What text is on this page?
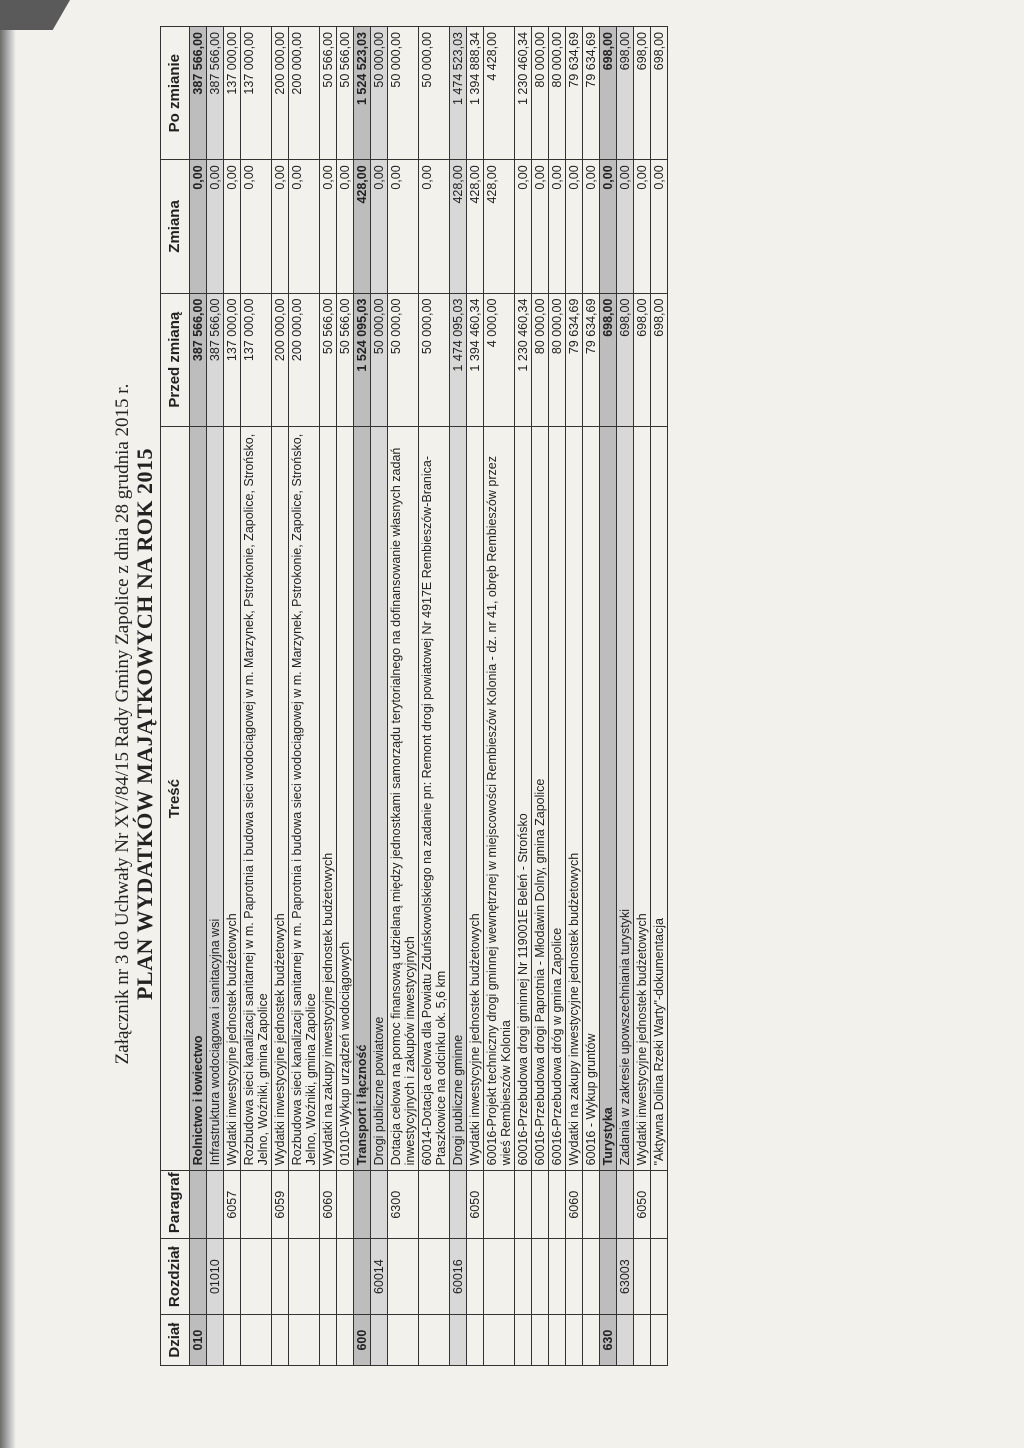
Załącznik nr 3 do Uchwały Nr XV/84/15 Rady Gminy Zapolice z dnia 28 grudnia 2015 r. PLAN WYDATKÓW MAJĄTKOWYCH NA ROK 2015

Dział	Rozdział	Paragraf	Treść	Przed zmianą	Zmiana	Po zmianie
010			Rolnictwo i łowiectwo	387 566,00	0,00	387 566,00
	01010		Infrastruktura wodociągowa i sanitacyjna wsi	387 566,00	0,00	387 566,00
		6057	Wydatki inwestycyjne jednostek budżetowych	137 000,00	0,00	137 000,00
			Rozbudowa sieci kanalizacji sanitarnej w m. Paprotnia i budowa sieci wodociągowej w m. Marzynek, Pstrokonie, Zapolice, Strońsko, Jelno, Woźniki, gmina Zapolice	137 000,00	0,00	137 000,00
		6059	Wydatki inwestycyjne jednostek budżetowych	200 000,00	0,00	200 000,00
			Rozbudowa sieci kanalizacji sanitarnej w m. Paprotnia i budowa sieci wodociągowej w m. Marzynek, Pstrokonie, Zapolice, Strońsko, Jelno, Woźniki, gmina Zapolice	200 000,00	0,00	200 000,00
		6060	Wydatki na zakupy inwestycyjne jednostek budżetowych	50 566,00	0,00	50 566,00
			01010-Wykup urządzeń wodociągowych	50 566,00	0,00	50 566,00
600			Transport i łączność	1 524 095,03	428,00	1 524 523,03
	60014		Drogi publiczne powiatowe	50 000,00	0,00	50 000,00
		6300	Dotacja celowa na pomoc finansową udzielaną między jednostkami samorządu terytorialnego na dofinansowanie własnych zadań inwestycyjnych i zakupów inwestycyjnych	50 000,00	0,00	50 000,00
			60014-Dotacja celowa dla Powiatu Zduńskowolskiego na zadanie pn: Remont drogi powiatowej Nr 4917E Rembieszów-Branica-Ptaszkowice na odcinku ok. 5,6 km	50 000,00	0,00	50 000,00
	60016		Drogi publiczne gminne	1 474 095,03	428,00	1 474 523,03
		6050	Wydatki inwestycyjne jednostek budżetowych	1 394 460,34	428,00	1 394 888,34
			60016-Projekt techniczny drogi gminnej wewnętrznej w miejscowości Rembieszów Kolonia - dz. nr 41, obręb Rembieszów przez wieś Rembieszów Kolonia	4 000,00	428,00	4 428,00
			60016-Przebudowa drogi gminnej Nr 119001E Beleń - Strońsko	1 230 460,34	0,00	1 230 460,34
			60016-Przebudowa drogi Paprotnia - Młodawin Dolny, gmina Zapolice	80 000,00	0,00	80 000,00
			60016-Przebudowa dróg w gmina Zapolice	80 000,00	0,00	80 000,00
		6060	Wydatki na zakupy inwestycyjne jednostek budżetowych	79 634,69	0,00	79 634,69
			60016 - Wykup gruntów	79 634,69	0,00	79 634,69
630			Turystyka	698,00	0,00	698,00
	63003		Zadania w zakresie upowszechniania turystyki	698,00	0,00	698,00
		6050	Wydatki inwestycyjne jednostek budżetowych	698,00	0,00	698,00
			"Aktywna Dolina Rzeki Warty"-dokumentacja	698,00	0,00	698,00
